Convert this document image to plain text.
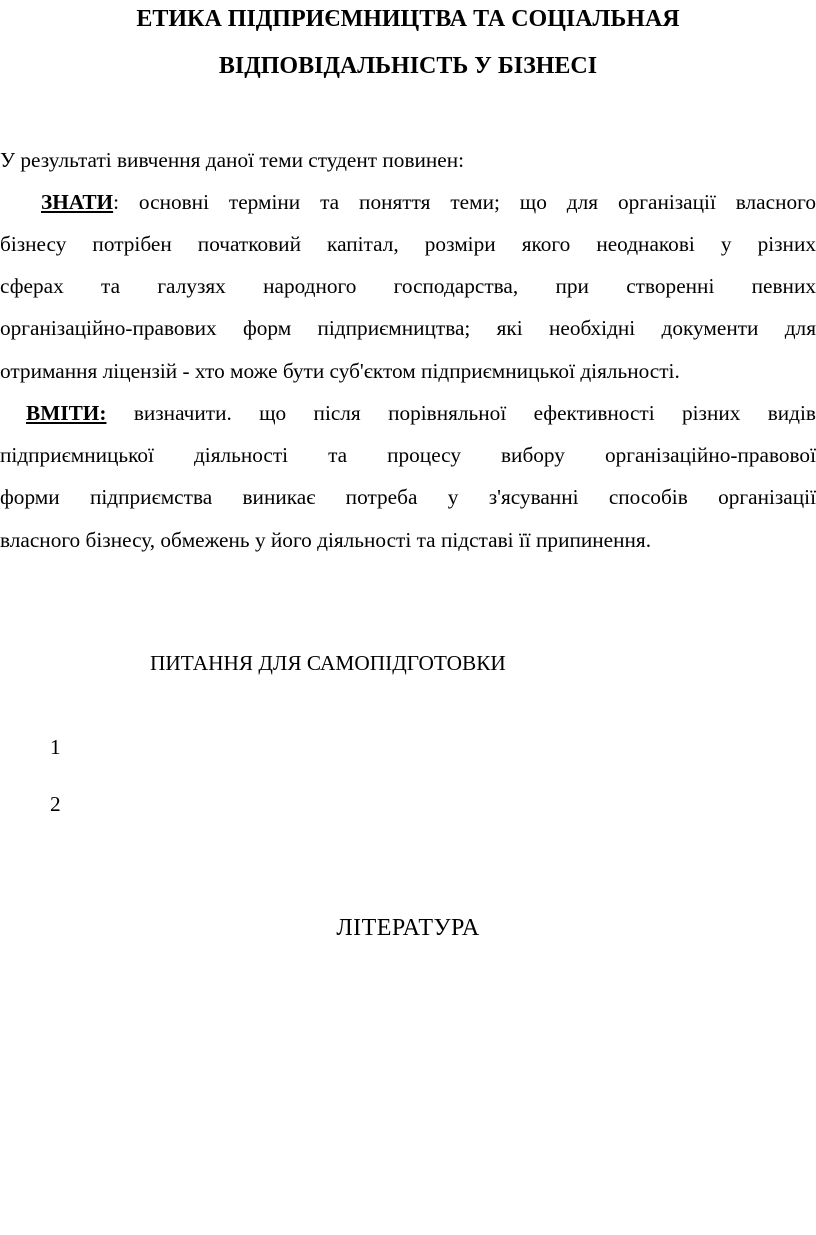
ЕТИКА ПІДПРИЄМНИЦТВА ТА СОЦІАЛЬНАЯ
ВІДПОВІДАЛЬНІСТЬ У БІЗНЕСІ
У результаті вивчення даної теми студент повинен:
ЗНАТИ: основні терміни та поняття теми; що для організації власного
бізнесу потрібен початковий капітал, розміри якого неоднакові у різних
сферах та галузях народного господарства, при створенні певних
організаційно-правових форм підприємництва; які необхідні документи для
отримання ліцензій - хто може бути суб'єктом підприємницької діяльності.
ВМІТИ: визначити. що після порівняльної ефективності різних видів
підприємницької діяльності та процесу вибору організаційно-правової
форми підприємства виникає потреба у з'ясуванні способів організації
власного бізнесу, обмежень у його діяльності та підставі її припинення.
ПИТАННЯ ДЛЯ САМОПІДГОТОВКИ
1
2
ЛІТЕРАТУРА
